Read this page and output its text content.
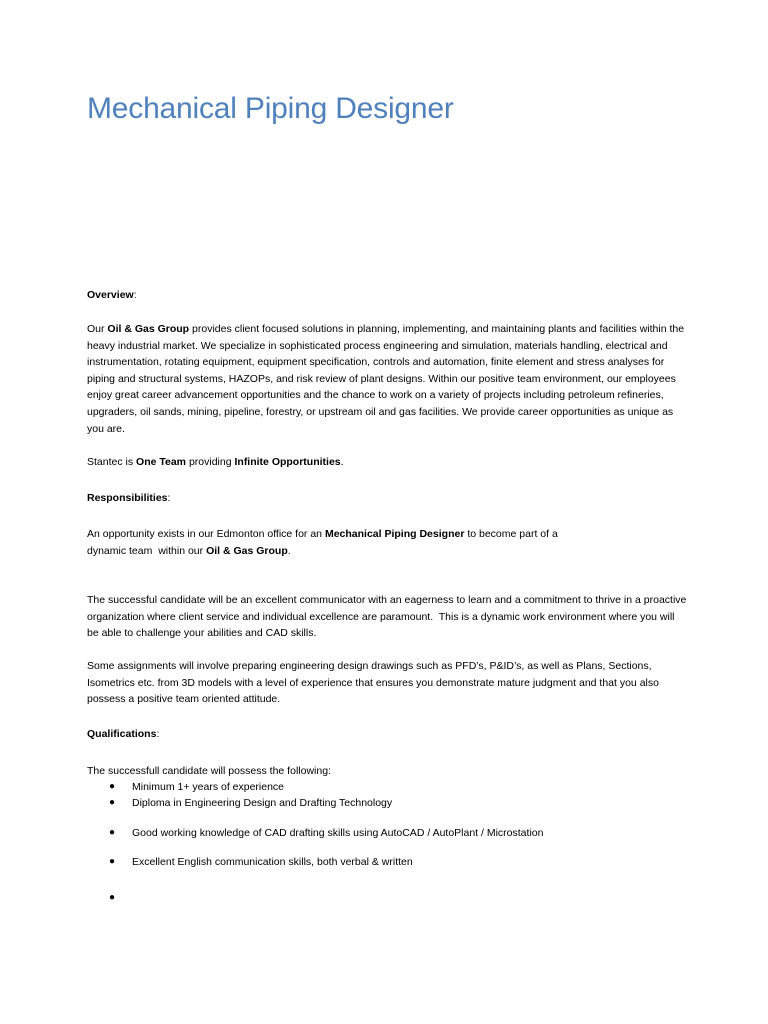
Mechanical Piping Designer

Overview:

Our Oil & Gas Group provides client focused solutions in planning, implementing, and maintaining plants and facilities within the heavy industrial market. We specialize in sophisticated process engineering and simulation, materials handling, electrical and instrumentation, rotating equipment, equipment specification, controls and automation, finite element and stress analyses for piping and structural systems, HAZOPs, and risk review of plant designs. Within our positive team environment, our employees enjoy great career advancement opportunities and the chance to work on a variety of projects including petroleum refineries, upgraders, oil sands, mining, pipeline, forestry, or upstream oil and gas facilities. We provide career opportunities as unique as you are.

Stantec is One Team providing Infinite Opportunities.

Responsibilities:

An opportunity exists in our Edmonton office for an Mechanical Piping Designer to become part of a

dynamic team  within our Oil & Gas Group.

The successful candidate will be an excellent communicator with an eagerness to learn and a commitment to thrive in a proactive organization where client service and individual excellence are paramount.  This is a dynamic work environment where you will be able to challenge your abilities and CAD skills.

Some assignments will involve preparing engineering design drawings such as PFD’s, P&ID’s, as well as Plans, Sections, Isometrics etc. from 3D models with a level of experience that ensures you demonstrate mature judgment and that you also possess a positive team oriented attitude.

Qualifications:

The successfull candidate will possess the following:

● Minimum 1+ years of experience
● Diploma in Engineering Design and Drafting Technology
● Good working knowledge of CAD drafting skills using AutoCAD / AutoPlant / Microstation
● Excellent English communication skills, both verbal & written
●
